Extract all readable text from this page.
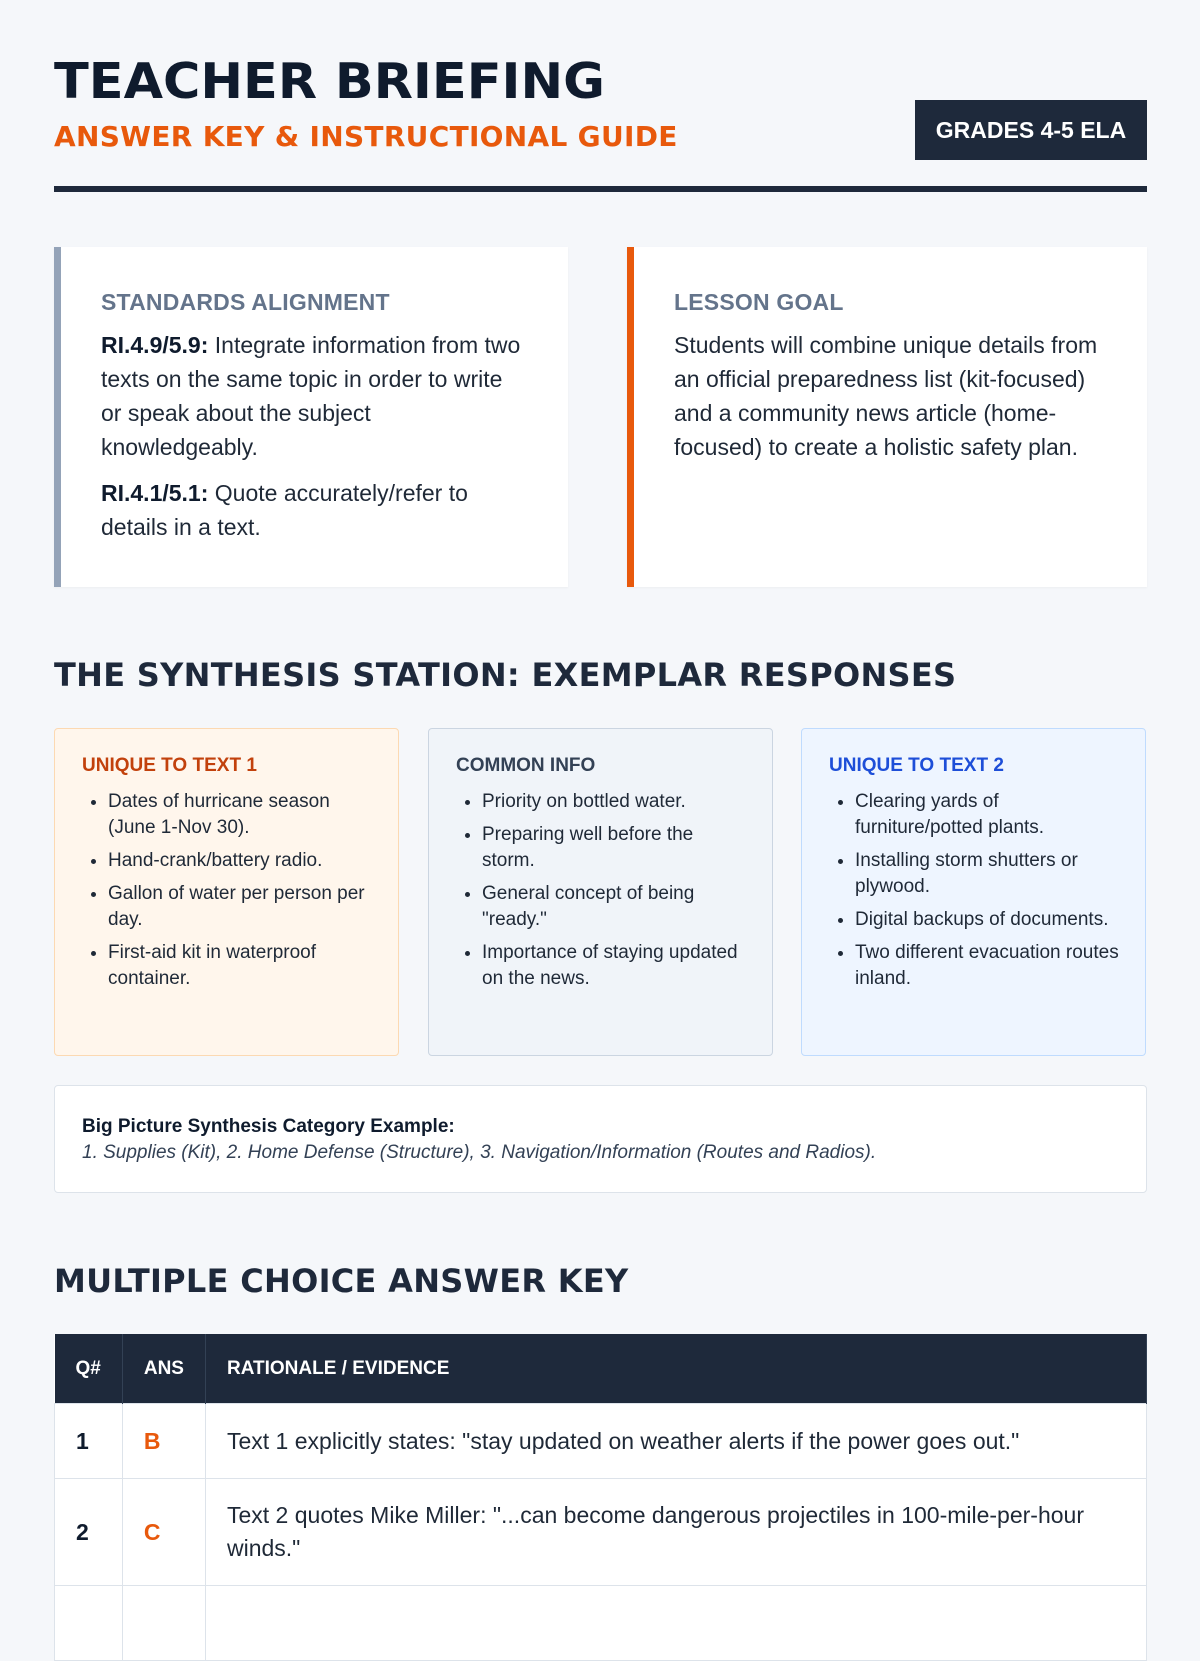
TEACHER BRIEFING
ANSWER KEY & INSTRUCTIONAL GUIDE	GRADES 4-5 ELA
STANDARDS ALIGNMENT

RI.4.9/5.9: Integrate information from two texts on the same topic in order to write or speak about the subject knowledgeably.

RI.4.1/5.1: Quote accurately/refer to details in a text.

LESSON GOAL

Students will combine unique details from an official preparedness list (kit-focused) and a community news article (home-focused) to create a holistic safety plan.

THE SYNTHESIS STATION: EXEMPLAR RESPONSES
UNIQUE TO TEXT 1
• Dates of hurricane season (June 1-Nov 30).
• Hand-crank/battery radio.
• Gallon of water per person per day.
• First-aid kit in waterproof container.
COMMON INFO
• Priority on bottled water.
• Preparing well before the storm.
• General concept of being "ready."
• Importance of staying updated on the news.
UNIQUE TO TEXT 2
• Clearing yards of furniture/potted plants.
• Installing storm shutters or plywood.
• Digital backups of documents.
• Two different evacuation routes inland.
Big Picture Synthesis Category Example:
1. Supplies (Kit), 2. Home Defense (Structure), 3. Navigation/Information (Routes and Radios).
MULTIPLE CHOICE ANSWER KEY
Q#	ANS	RATIONALE / EVIDENCE
1	B	Text 1 explicitly states: "stay updated on weather alerts if the power goes out."
2	C	Text 2 quotes Mike Miller: "...can become dangerous projectiles in 100-mile-per-hour winds."
